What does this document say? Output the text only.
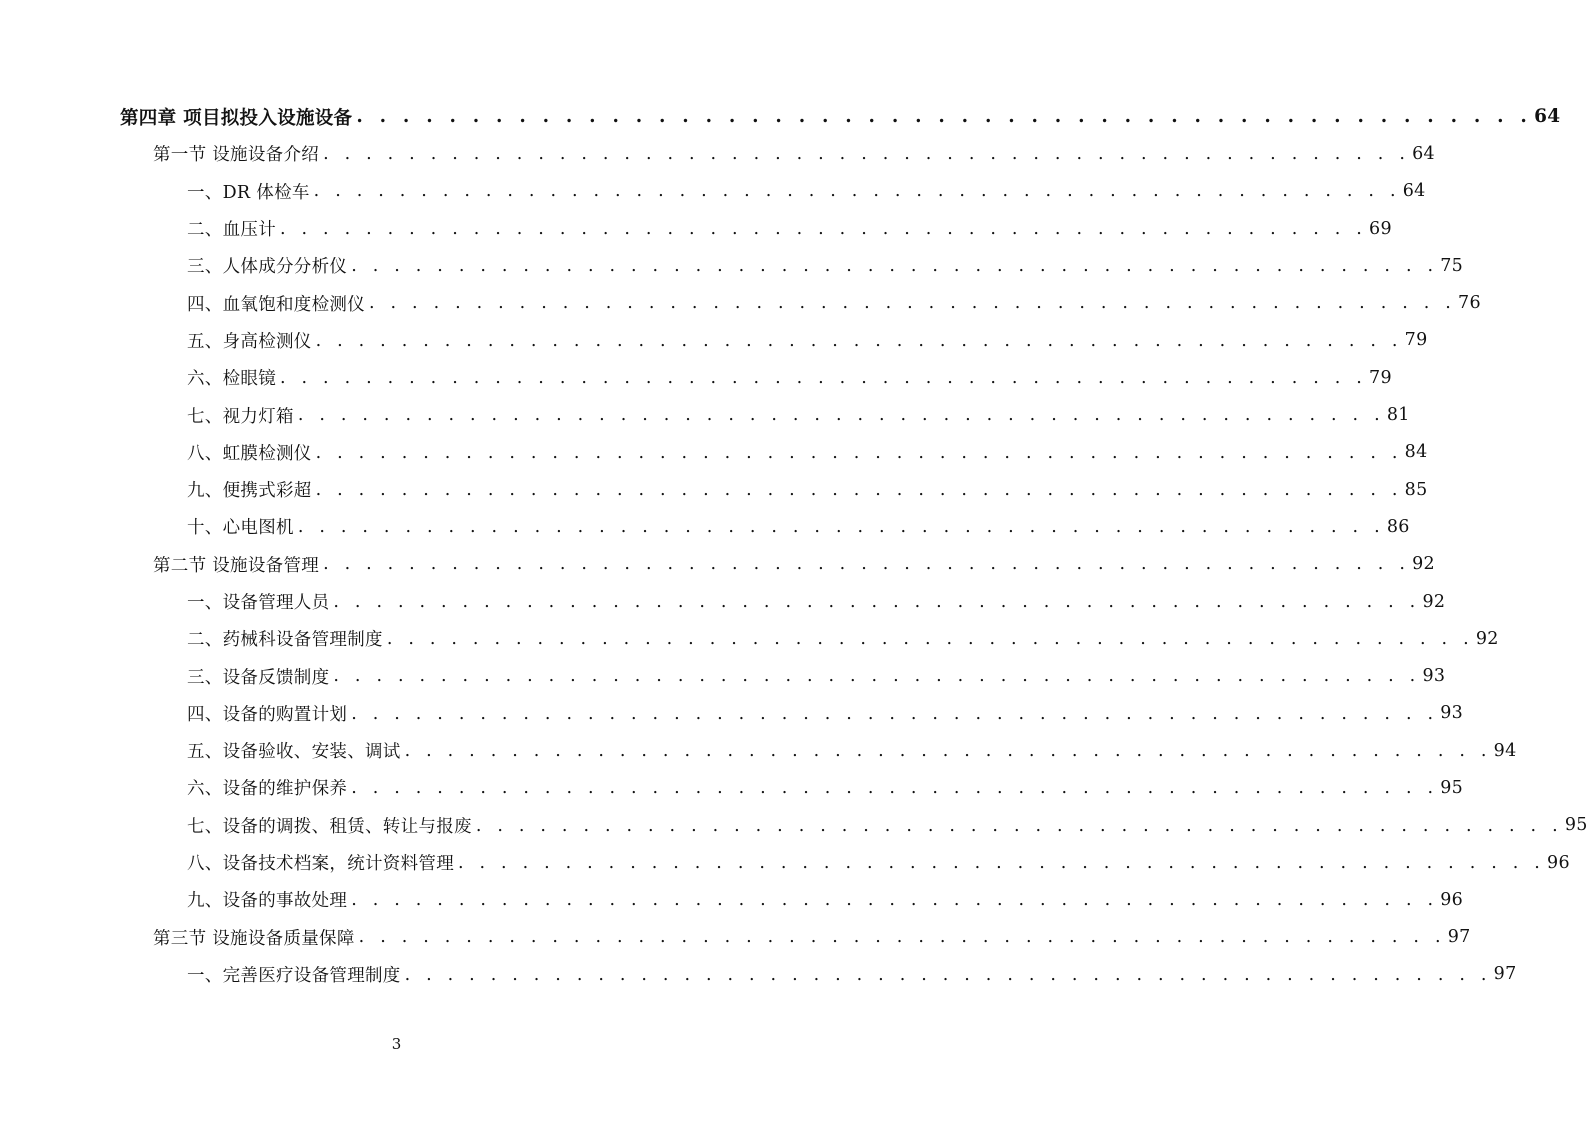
第四章 项目拟投入设施设备 . . . . . . . . . . . . . . . . . . . . . . . . . . . . . . . . . . . . . . . . . . . . . . . . . . . 64
第一节 设施设备介绍 . . . . . . . . . . . . . . . . . . . . . . . . . . . . . . . . . . . . . . . . . . . . . . . . . . . 64
一、DR 体检车 . . . . . . . . . . . . . . . . . . . . . . . . . . . . . . . . . . . . . . . . . . . . . . . . . . . 64
二、血压计 . . . . . . . . . . . . . . . . . . . . . . . . . . . . . . . . . . . . . . . . . . . . . . . . . . . 69
三、人体成分分析仪 . . . . . . . . . . . . . . . . . . . . . . . . . . . . . . . . . . . . . . . . . . . . . . . . . . . 75
四、血氧饱和度检测仪 . . . . . . . . . . . . . . . . . . . . . . . . . . . . . . . . . . . . . . . . . . . . . . . . . . . 76
五、身高检测仪 . . . . . . . . . . . . . . . . . . . . . . . . . . . . . . . . . . . . . . . . . . . . . . . . . . . 79
六、检眼镜 . . . . . . . . . . . . . . . . . . . . . . . . . . . . . . . . . . . . . . . . . . . . . . . . . . . 79
七、视力灯箱 . . . . . . . . . . . . . . . . . . . . . . . . . . . . . . . . . . . . . . . . . . . . . . . . . . . 81
八、虹膜检测仪 . . . . . . . . . . . . . . . . . . . . . . . . . . . . . . . . . . . . . . . . . . . . . . . . . . . 84
九、便携式彩超 . . . . . . . . . . . . . . . . . . . . . . . . . . . . . . . . . . . . . . . . . . . . . . . . . . . 85
十、心电图机 . . . . . . . . . . . . . . . . . . . . . . . . . . . . . . . . . . . . . . . . . . . . . . . . . . . 86
第二节 设施设备管理 . . . . . . . . . . . . . . . . . . . . . . . . . . . . . . . . . . . . . . . . . . . . . . . . . . . 92
一、设备管理人员 . . . . . . . . . . . . . . . . . . . . . . . . . . . . . . . . . . . . . . . . . . . . . . . . . . . 92
二、药械科设备管理制度 . . . . . . . . . . . . . . . . . . . . . . . . . . . . . . . . . . . . . . . . . . . . . . . . . . . 92
三、设备反馈制度 . . . . . . . . . . . . . . . . . . . . . . . . . . . . . . . . . . . . . . . . . . . . . . . . . . . 93
四、设备的购置计划 . . . . . . . . . . . . . . . . . . . . . . . . . . . . . . . . . . . . . . . . . . . . . . . . . . . 93
五、设备验收、安装、调试 . . . . . . . . . . . . . . . . . . . . . . . . . . . . . . . . . . . . . . . . . . . . . . . . . . . 94
六、设备的维护保养 . . . . . . . . . . . . . . . . . . . . . . . . . . . . . . . . . . . . . . . . . . . . . . . . . . . 95
七、设备的调拨、租赁、转让与报废 . . . . . . . . . . . . . . . . . . . . . . . . . . . . . . . . . . . . . . . . . . . . . . . . . . . 95
八、设备技术档案，统计资料管理 . . . . . . . . . . . . . . . . . . . . . . . . . . . . . . . . . . . . . . . . . . . . . . . . . . . 96
九、设备的事故处理 . . . . . . . . . . . . . . . . . . . . . . . . . . . . . . . . . . . . . . . . . . . . . . . . . . . 96
第三节 设施设备质量保障 . . . . . . . . . . . . . . . . . . . . . . . . . . . . . . . . . . . . . . . . . . . . . . . . . . . 97
一、完善医疗设备管理制度 . . . . . . . . . . . . . . . . . . . . . . . . . . . . . . . . . . . . . . . . . . . . . . . . . . . 97
3
